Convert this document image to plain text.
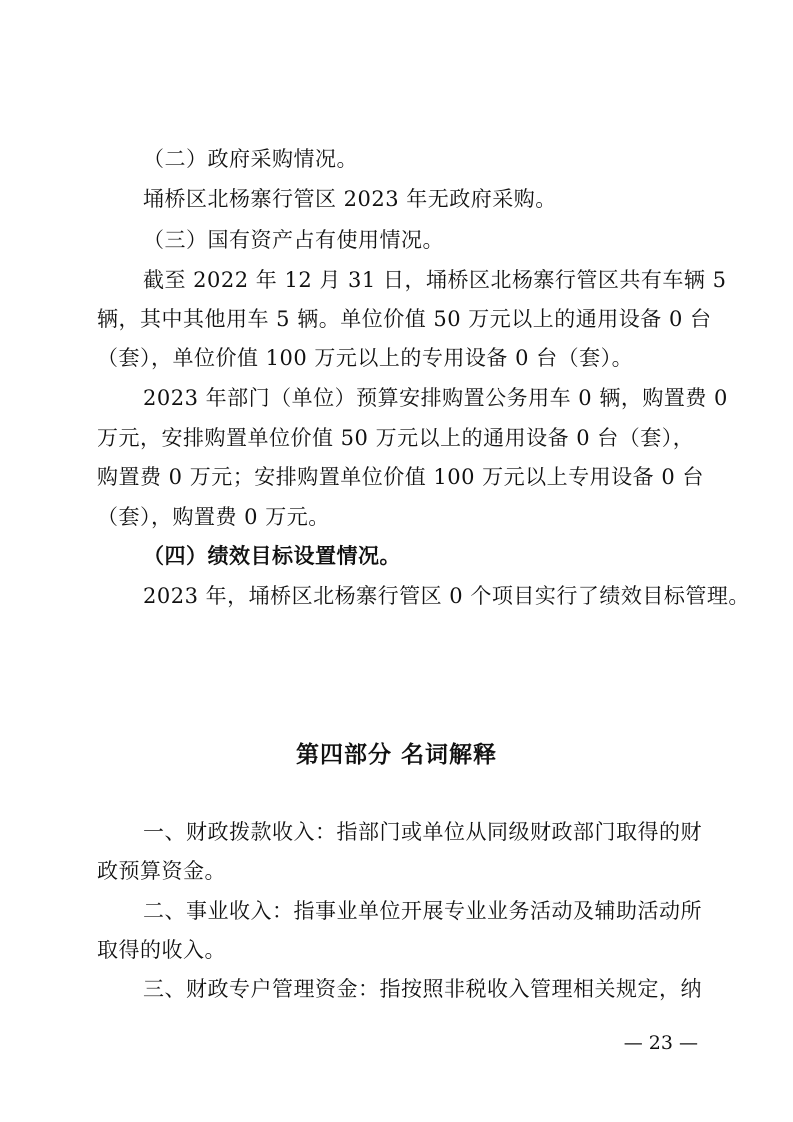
（二）政府采购情况。
埇桥区北杨寨行管区 2023 年无政府采购。
（三）国有资产占有使用情况。
截至 2022 年 12 月 31 日，埇桥区北杨寨行管区共有车辆 5
辆，其中其他用车 5 辆。单位价值 50 万元以上的通用设备 0 台
（套），单位价值 100 万元以上的专用设备 0 台（套）。
2023 年部门（单位）预算安排购置公务用车 0 辆，购置费 0
万元，安排购置单位价值 50 万元以上的通用设备 0 台（套），
购置费 0 万元；安排购置单位价值 100 万元以上专用设备 0 台
（套），购置费 0 万元。
（四）绩效目标设置情况。
2023 年，埇桥区北杨寨行管区 0 个项目实行了绩效目标管理。
第四部分 名词解释
一、财政拨款收入：指部门或单位从同级财政部门取得的财
政预算资金。
二、事业收入：指事业单位开展专业业务活动及辅助活动所
取得的收入。
三、财政专户管理资金：指按照非税收入管理相关规定，纳
— 23 —
